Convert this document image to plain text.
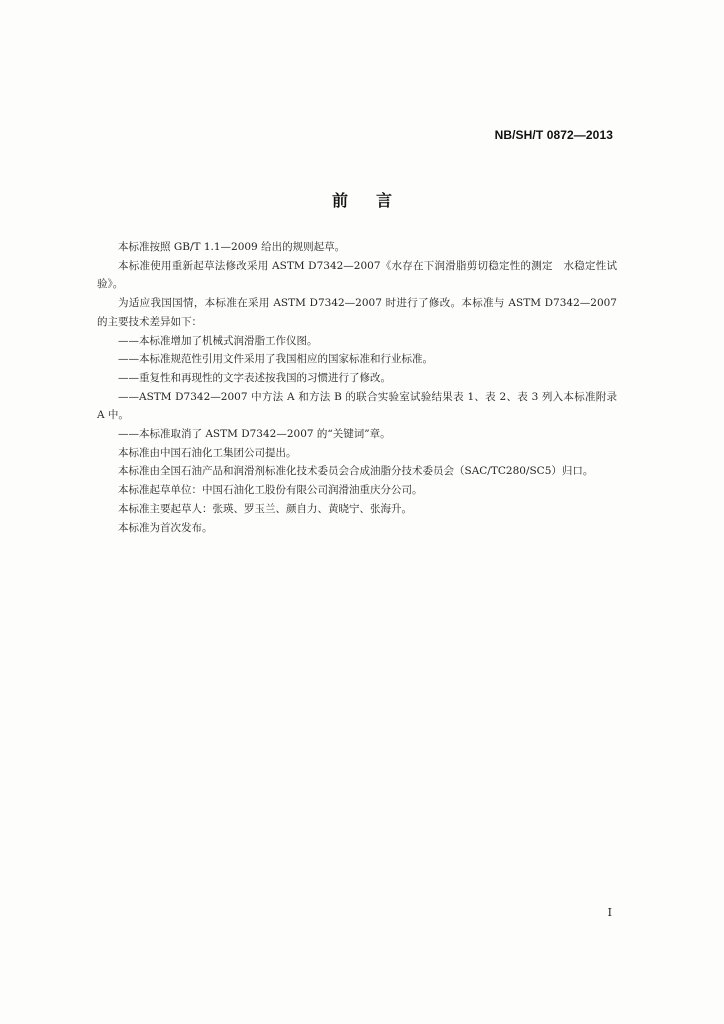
NB/SH/T 0872—2013
前言

本标准按照 GB/T 1.1—2009 给出的规则起草。

本标准使用重新起草法修改采用 ASTM D7342—2007《水存在下润滑脂剪切稳定性的测定　水稳定性试验》。

为适应我国国情，本标准在采用 ASTM D7342—2007 时进行了修改。本标准与 ASTM D7342—2007 的主要技术差异如下：

——本标准增加了机械式润滑脂工作仪图。

——本标准规范性引用文件采用了我国相应的国家标准和行业标准。

——重复性和再现性的文字表述按我国的习惯进行了修改。

——ASTM D7342—2007 中方法 A 和方法 B 的联合实验室试验结果表 1、表 2、表 3 列入本标准附录 A 中。

——本标准取消了 ASTM D7342—2007 的“关键词”章。

本标准由中国石油化工集团公司提出。

本标准由全国石油产品和润滑剂标准化技术委员会合成油脂分技术委员会（SAC/TC280/SC5）归口。

本标准起草单位：中国石油化工股份有限公司润滑油重庆分公司。

本标准主要起草人：张瑛、罗玉兰、颜自力、黄晓宁、张海升。

本标准为首次发布。

I
